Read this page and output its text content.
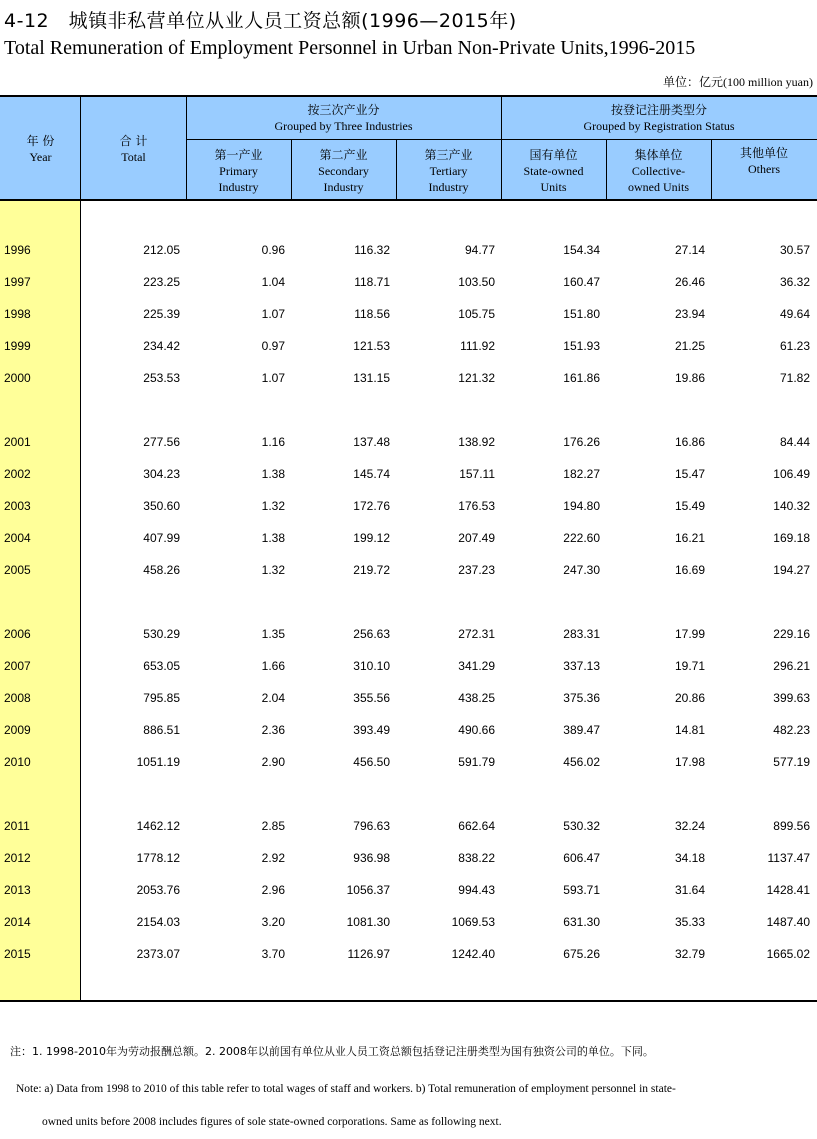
4-12　城镇非私营单位从业人员工资总额(1996—2015年)
Total Remuneration of Employment Personnel in Urban Non-Private Units,1996-2015
单位：亿元(100 million yuan)
年 份
Year
合 计
Total
按三次产业分
Grouped by Three Industries
按登记注册类型分
Grouped by Registration Status
第一产业
Primary
Industry
第二产业
Secondary
Industry
第三产业
Tertiary
Industry
国有单位
State-owned
Units
集体单位
Collective-
owned Units
其他单位
Others
1996	212.05	0.96	116.32	94.77	154.34	27.14	30.57
1997	223.25	1.04	118.71	103.50	160.47	26.46	36.32
1998	225.39	1.07	118.56	105.75	151.80	23.94	49.64
1999	234.42	0.97	121.53	111.92	151.93	21.25	61.23
2000	253.53	1.07	131.15	121.32	161.86	19.86	71.82
2001	277.56	1.16	137.48	138.92	176.26	16.86	84.44
2002	304.23	1.38	145.74	157.11	182.27	15.47	106.49
2003	350.60	1.32	172.76	176.53	194.80	15.49	140.32
2004	407.99	1.38	199.12	207.49	222.60	16.21	169.18
2005	458.26	1.32	219.72	237.23	247.30	16.69	194.27
2006	530.29	1.35	256.63	272.31	283.31	17.99	229.16
2007	653.05	1.66	310.10	341.29	337.13	19.71	296.21
2008	795.85	2.04	355.56	438.25	375.36	20.86	399.63
2009	886.51	2.36	393.49	490.66	389.47	14.81	482.23
2010	1051.19	2.90	456.50	591.79	456.02	17.98	577.19
2011	1462.12	2.85	796.63	662.64	530.32	32.24	899.56
2012	1778.12	2.92	936.98	838.22	606.47	34.18	1137.47
2013	2053.76	2.96	1056.37	994.43	593.71	31.64	1428.41
2014	2154.03	3.20	1081.30	1069.53	631.30	35.33	1487.40
2015	2373.07	3.70	1126.97	1242.40	675.26	32.79	1665.02
注：1. 1998-2010年为劳动报酬总额。2. 2008年以前国有单位从业人员工资总额包括登记注册类型为国有独资公司的单位。下同。
Note: a) Data from 1998 to 2010 of this table refer to total wages of staff and workers. b) Total remuneration of employment personnel in state-
owned units before 2008 includes figures of sole state-owned corporations. Same as following next.
